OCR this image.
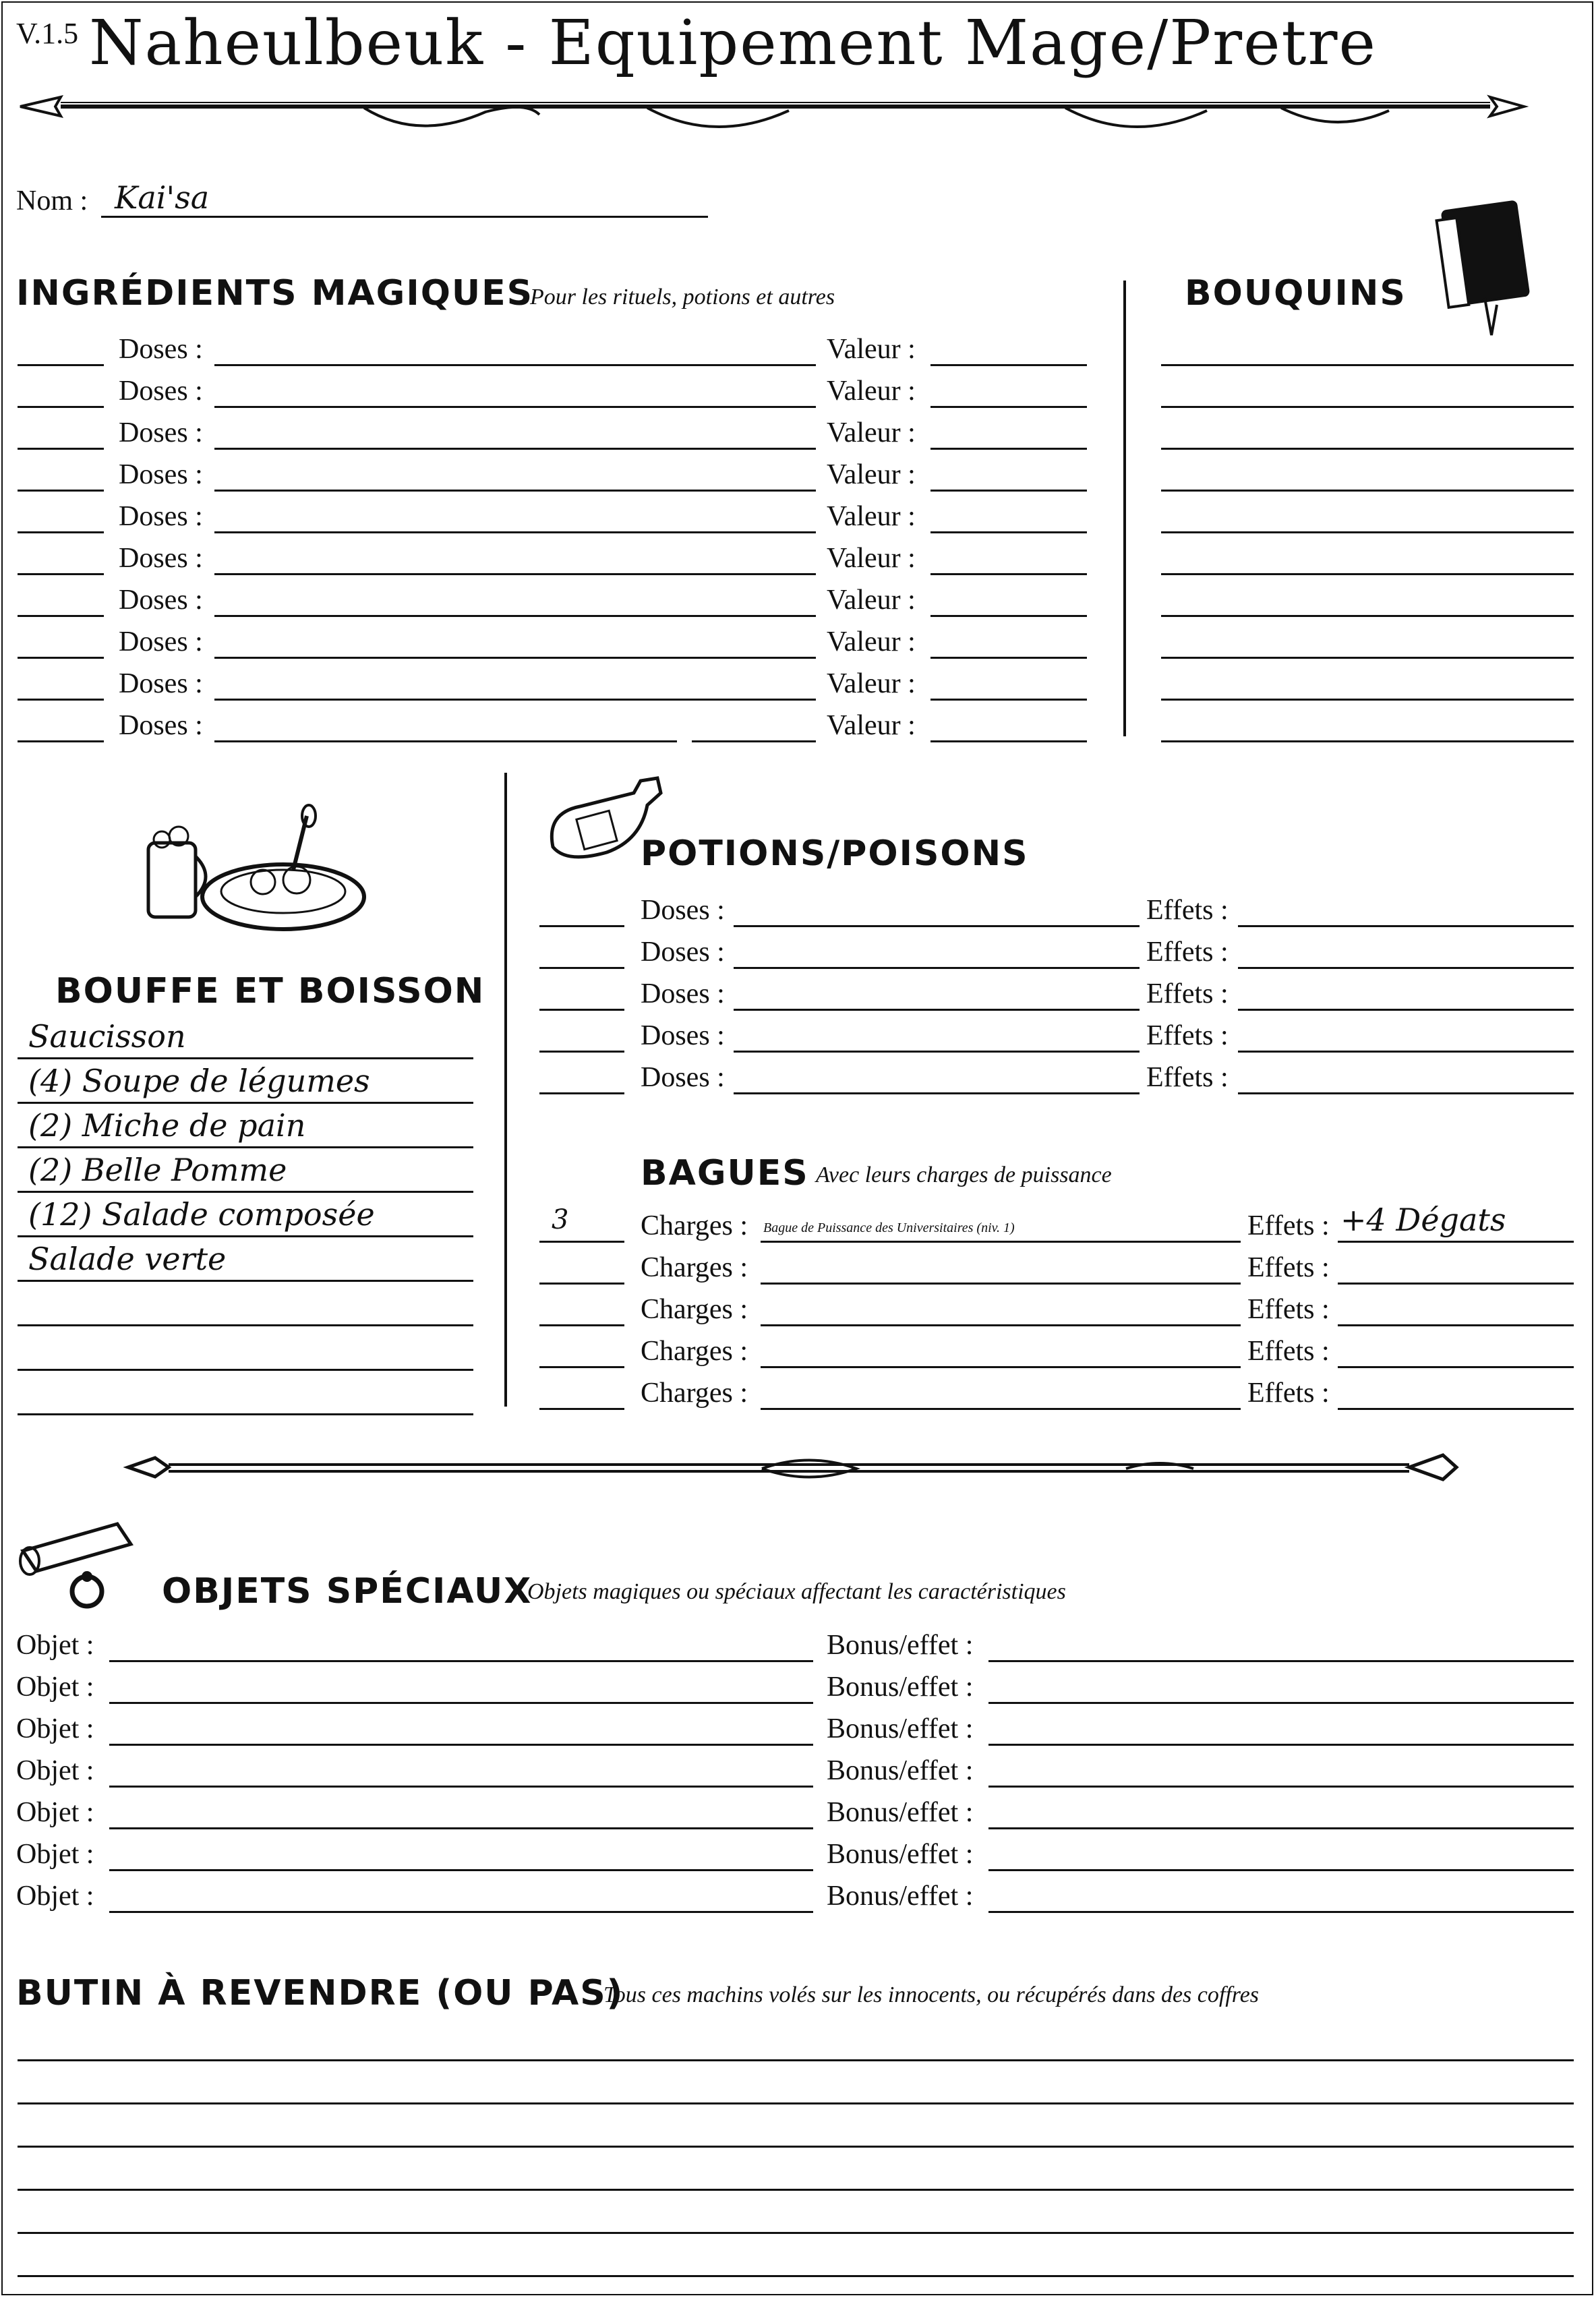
V.1.5 Naheulbeuk - Equipement Mage/Pretre
Nom : Kai'sa
INGRÉDIENTS MAGIQUES
Pour les rituels, potions et autres
Doses :	Valeur :
Doses :	Valeur :
Doses :	Valeur :
Doses :	Valeur :
Doses :	Valeur :
Doses :	Valeur :
Doses :	Valeur :
Doses :	Valeur :
Doses :	Valeur :
Doses :	Valeur :
BOUQUINS
BOUFFE ET BOISSON
Saucisson
(4) Soupe de légumes
(2) Miche de pain
(2) Belle Pomme
(12) Salade composée
Salade verte
POTIONS/POISONS
Doses :	Effets :
Doses :	Effets :
Doses :	Effets :
Doses :	Effets :
Doses :	Effets :
BAGUES Avec leurs charges de puissance
3	Charges : Bague de Puissance des Universitaires (niv. 1)	Effets : +4 Dégats
Charges :	Effets :
Charges :	Effets :
Charges :	Effets :
Charges :	Effets :
OBJETS SPÉCIAUX
Objets magiques ou spéciaux affectant les caractéristiques
Objet :	Bonus/effet :
Objet :	Bonus/effet :
Objet :	Bonus/effet :
Objet :	Bonus/effet :
Objet :	Bonus/effet :
Objet :	Bonus/effet :
Objet :	Bonus/effet :
BUTIN À REVENDRE (OU PAS)
Tous ces machins volés sur les innocents, ou récupérés dans des coffres
